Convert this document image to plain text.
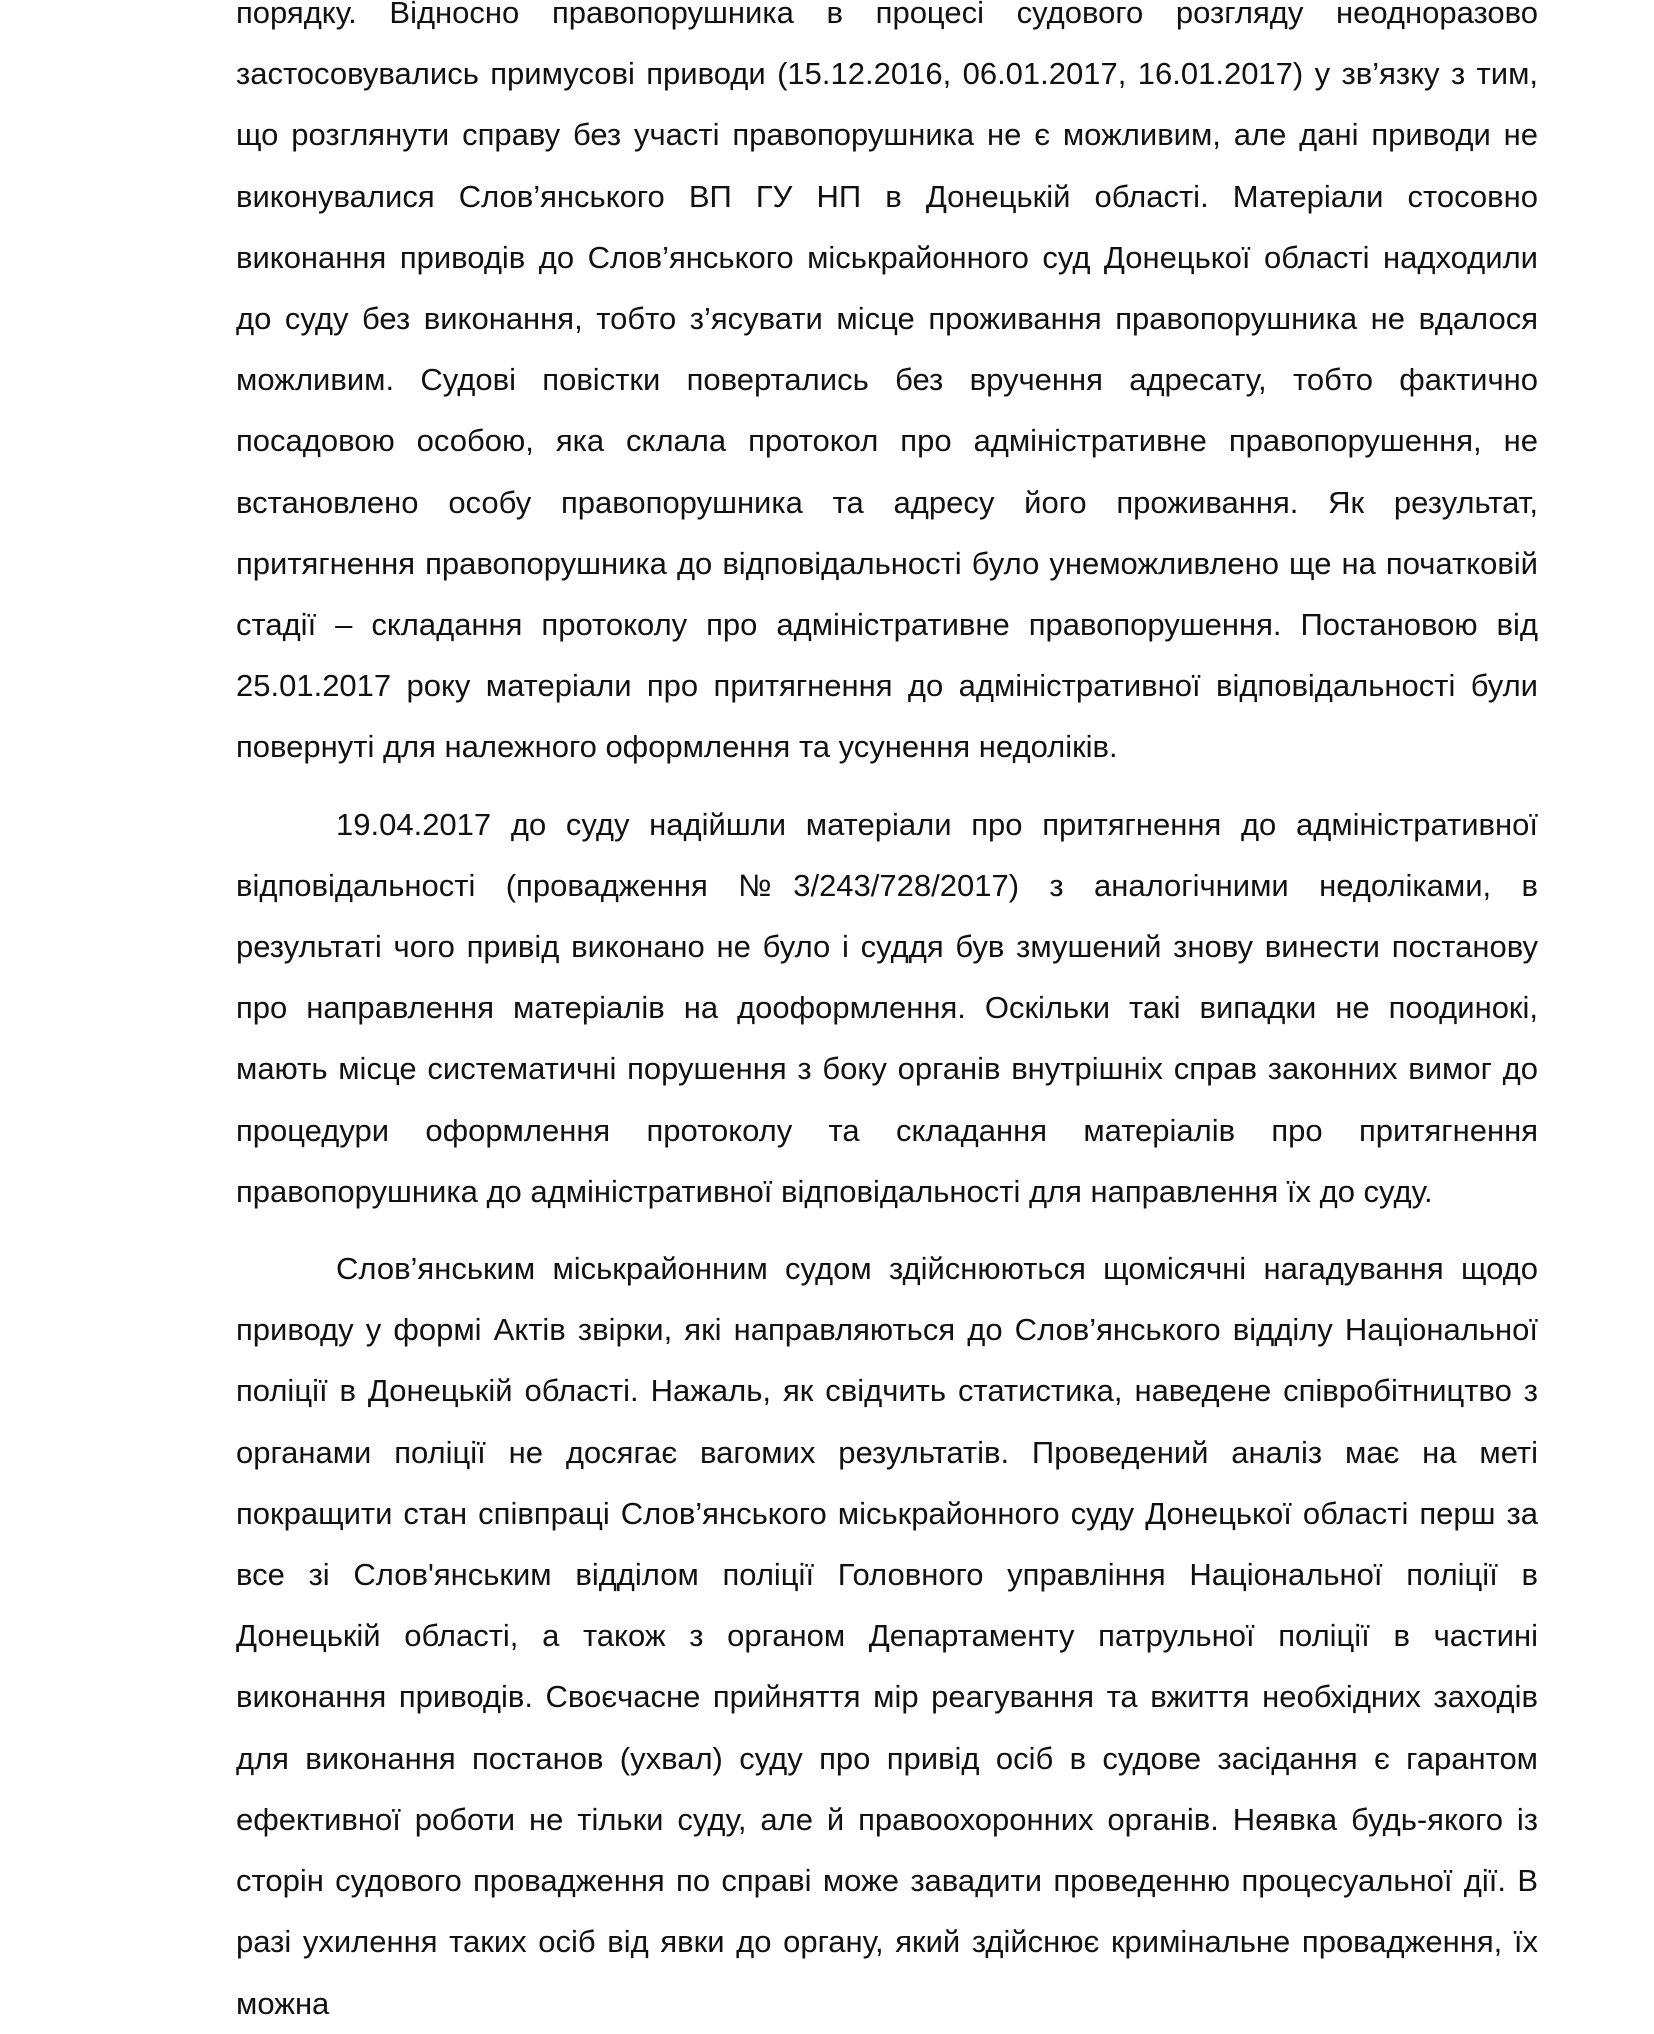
порядку. Відносно правопорушника в процесі судового розгляду неодноразово застосовувались примусові приводи (15.12.2016, 06.01.2017, 16.01.2017) у зв’язку з тим, що розглянути справу без участі правопорушника не є можливим, але дані приводи не виконувалися Слов’янського ВП ГУ НП в Донецькій області. Матеріали стосовно виконання приводів до Слов’янського міськрайонного суд Донецької області надходили до суду без виконання, тобто з’ясувати місце проживання правопорушника не вдалося можливим. Судові повістки повертались без вручення адресату, тобто фактично посадовою особою, яка склала протокол про адміністративне правопорушення, не встановлено особу правопорушника та адресу його проживання. Як результат, притягнення правопорушника до відповідальності було унеможливлено ще на початковій стадії – складання протоколу про адміністративне правопорушення. Постановою від 25.01.2017 року матеріали про притягнення до адміністративної відповідальності були повернуті для належного оформлення та усунення недоліків.

19.04.2017 до суду надійшли матеріали про притягнення до адміністративної відповідальності (провадження №3/243/728/2017) з аналогічними недоліками, в результаті чого привід виконано не було і суддя був змушений знову винести постанову про направлення матеріалів на дооформлення. Оскільки такі випадки не поодинокі, мають місце систематичні порушення з боку органів внутрішніх справ законних вимог до процедури оформлення протоколу та складання матеріалів про притягнення правопорушника до адміністративної відповідальності для направлення їх до суду.

Слов’янським міськрайонним судом здійснюються щомісячні нагадування щодо приводу у формі Актів звірки, які направляються до Слов’янського відділу Національної поліції в Донецькій області. Нажаль, як свідчить статистика, наведене співробітництво з органами поліції не досягає вагомих результатів. Проведений аналіз має на меті покращити стан співпраці Слов’янського міськрайонного суду Донецької області перш за все зі Слов'янським відділом поліції Головного управління Національної поліції в Донецькій області, а також з органом Департаменту патрульної поліції в частині виконання приводів. Своєчасне прийняття мір реагування та вжиття необхідних заходів для виконання постанов (ухвал) суду про привід осіб в судове засідання є гарантом ефективної роботи не тільки суду, але й правоохоронних органів. Неявка будь-якого із сторін судового провадження по справі може завадити проведенню процесуальної дії. В разі ухилення таких осіб від явки до органу, який здійснює кримінальне провадження, їх можна
